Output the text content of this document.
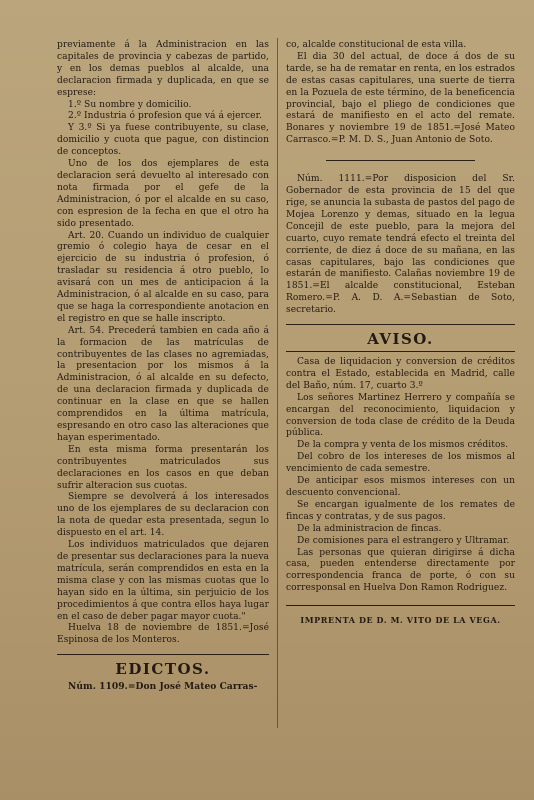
previamente á la Administracion en las capitales de provincia y cabezas de partido, y en los demas pueblos al alcalde, una declaracion firmada y duplicada, en que se esprese:

1.º Su nombre y domicilio.

2.º Industria ó profesion que vá á ejercer.

Y 3.º Si ya fuese contribuyente, su clase, domicilio y cuota que pague, con distincion de conceptos.

Uno de los dos ejemplares de esta declaracion será devuelto al interesado con nota firmada por el gefe de la Administracion, ó por el alcalde en su caso, con espresion de la fecha en que el otro ha sido presentado.

Art. 20. Cuando un individuo de cualquier gremio ó colegio haya de cesar en el ejercicio de su industria ó profesion, ó trasladar su residencia á otro pueblo, lo avisará con un mes de anticipacion á la Administracion, ó al alcalde en su caso, para que se haga la correspondiente anotacion en el registro en que se halle inscripto.

Art. 54. Precederá tambien en cada año á la formacion de las matrículas de contribuyentes de las clases no agremiadas, la presentacion por los mismos á la Administracion, ó al alcalde en su defecto, de una declaracion firmada y duplicada de continuar en la clase en que se hallen comprendidos en la última matrícula, espresando en otro caso las alteraciones que hayan esperimentado.

En esta misma forma presentarán los contribuyentes matriculados sus declaraciones en los casos en que deban sufrir alteracion sus cuotas.

Siempre se devolverá á los interesados uno de los ejemplares de su declaracion con la nota de quedar esta presentada, segun lo dispuesto en el art. 14.

Los individuos matriculados que dejaren de presentar sus declaraciones para la nueva matrícula, serán comprendidos en esta en la misma clase y con las mismas cuotas que lo hayan sido en la última, sin perjuicio de los procedimientos á que contra ellos haya lugar en el caso de deber pagar mayor cuota."

Huelva 18 de noviembre de 1851.=José Espinosa de los Monteros.

EDICTOS.

Núm. 1109.=Don José Mateo Carras-

co, alcalde constitucional de esta villa.

El dia 30 del actual, de doce á dos de su tarde, se ha de rematar en renta, en los estrados de estas casas capitulares, una suerte de tierra en la Pozuela de este término, de la beneficencia provincial, bajo el pliego de condiciones que estará de manifiesto en el acto del remate. Bonares y noviembre 19 de 1851.=José Mateo Carrasco.=P. M. D. S., Juan Antonio de Soto.

Núm. 1111.=Por disposicion del Sr. Gobernador de esta provincia de 15 del que rige, se anuncia la subasta de pastos del pago de Mojea Lorenzo y demas, situado en la legua Concejil de este pueblo, para la mejora del cuarto, cuyo remate tendrá efecto el treinta del corriente, de diez á doce de su mañana, en las casas capitulares, bajo las condiciones que estarán de manifiesto. Calañas noviembre 19 de 1851.=El alcalde constitucional, Esteban Romero.=P. A. D. A.=Sebastian de Soto, secretario.

AVISO.

Casa de liquidacion y conversion de créditos contra el Estado, establecida en Madrid, calle del Baño, núm. 17, cuarto 3.º

Los señores Martinez Herrero y compañía se encargan del reconocimiento, liquidacion y conversion de toda clase de crédito de la Deuda pública.

De la compra y venta de los mismos créditos.

Del cobro de los intereses de los mismos al vencimiento de cada semestre.

De anticipar esos mismos intereses con un descuento convencional.

Se encargan igualmente de los remates de fincas y contratas, y de sus pagos.

De la administracion de fincas.

De comisiones para el estrangero y Ultramar.

Las personas que quieran dirigirse á dicha casa, pueden entenderse directamente por correspondencia franca de porte, ó con su corresponsal en Huelva Don Ramon Rodriguez.

IMPRENTA DE D. M. VITO DE LA VEGA.
